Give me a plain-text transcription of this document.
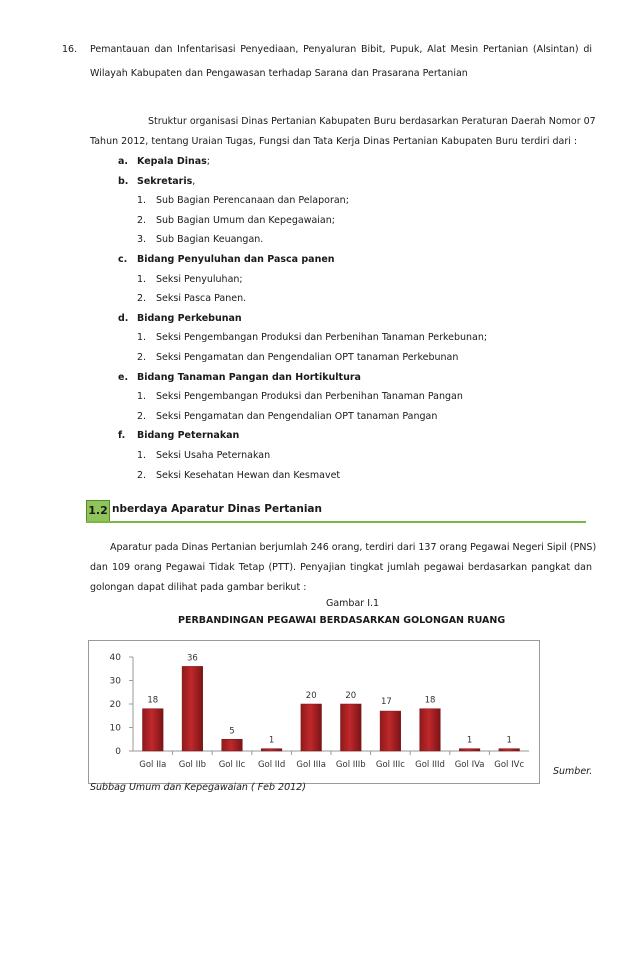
16. Pemantauan dan Infentarisasi Penyediaan, Penyaluran Bibit, Pupuk, Alat Mesin Pertanian (Alsintan) di
Wilayah Kabupaten dan Pengawasan terhadap Sarana dan Prasarana Pertanian
Struktur organisasi Dinas Pertanian Kabupaten Buru berdasarkan Peraturan Daerah Nomor 07
Tahun 2012, tentang Uraian Tugas, Fungsi dan Tata Kerja Dinas Pertanian Kabupaten Buru terdiri dari :
a. Kepala Dinas;
b. Sekretaris,
1. Sub Bagian Perencanaan dan Pelaporan;
2. Sub Bagian Umum dan Kepegawaian;
3. Sub Bagian Keuangan.
c. Bidang Penyuluhan dan Pasca panen
1. Seksi Penyuluhan;
2. Seksi Pasca Panen.
d. Bidang Perkebunan
1. Seksi Pengembangan Produksi dan Perbenihan Tanaman Perkebunan;
2. Seksi Pengamatan dan Pengendalian OPT tanaman Perkebunan
e. Bidang Tanaman Pangan dan Hortikultura
1. Seksi Pengembangan Produksi dan Perbenihan Tanaman Pangan
2. Seksi Pengamatan dan Pengendalian OPT tanaman Pangan
f. Bidang Peternakan
1. Seksi Usaha Peternakan
2. Seksi Kesehatan Hewan dan Kesmavet
1.2 nberdaya Aparatur Dinas Pertanian
Aparatur pada Dinas Pertanian berjumlah 246 orang, terdiri dari 137 orang Pegawai Negeri Sipil (PNS)
dan 109 orang Pegawai Tidak Tetap (PTT). Penyajian tingkat jumlah pegawai berdasarkan pangkat dan
golongan dapat dilihat pada gambar berikut :
Gambar I.1
PERBANDINGAN PEGAWAI BERDASARKAN GOLONGAN RUANG
0
10
20
30
40
18
Gol IIa
36
Gol IIb
5
Gol IIc
1
Gol IId
20
Gol IIIa
20
Gol IIIb
17
Gol IIIc
18
Gol IIId
1
Gol IVa
1
Gol IVc
Sumber.
Subbag Umum dan Kepegawaian ( Feb 2012)
